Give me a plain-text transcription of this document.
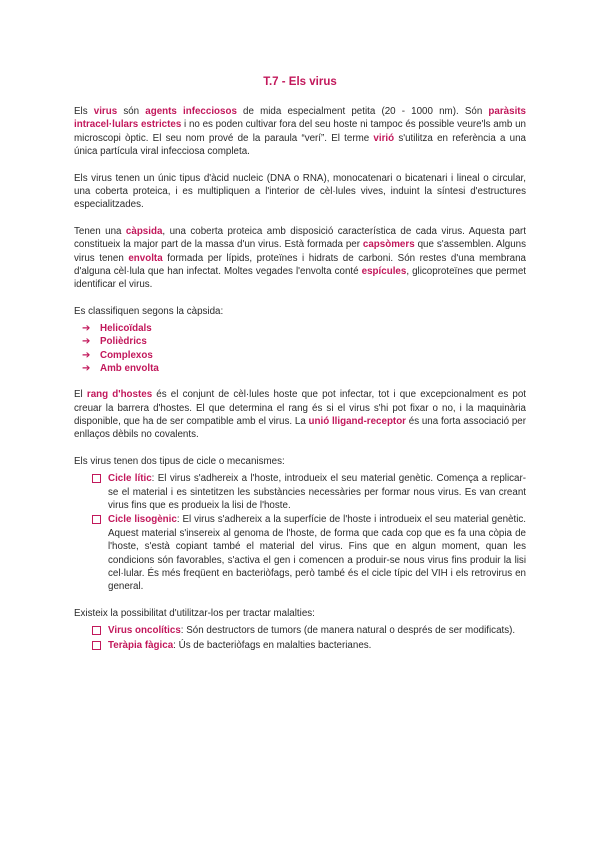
T.7 - Els virus

Els virus són agents infecciosos de mida especialment petita (20 - 1000 nm). Són paràsits intracel·lulars estrictes i no es poden cultivar fora del seu hoste ni tampoc és possible veure'ls amb un microscopi òptic. El seu nom prové de la paraula “verí”. El terme virió s'utilitza en referència a una única partícula viral infecciosa completa.

Els virus tenen un únic tipus d'àcid nucleic (DNA o RNA), monocatenari o bicatenari i lineal o circular, una coberta proteica, i es multipliquen a l'interior de cèl·lules vives, induint la síntesi d'estructures especialitzades.

Tenen una càpsida, una coberta proteica amb disposició característica de cada virus. Aquesta part constitueix la major part de la massa d'un virus. Està formada per capsòmers que s'assemblen. Alguns virus tenen envolta formada per lípids, proteïnes i hidrats de carboni. Són restes d'una membrana d'alguna cèl·lula que han infectat. Moltes vegades l'envolta conté espícules, glicoproteïnes que permet identificar el virus.

Es classifiquen segons la càpsida:

➔ Helicoïdals
➔ Polièdrics
➔ Complexos
➔ Amb envolta

El rang d'hostes és el conjunt de cèl·lules hoste que pot infectar, tot i que excepcionalment es pot creuar la barrera d'hostes. El que determina el rang és si el virus s'hi pot fixar o no, i la maquinària disponible, que ha de ser compatible amb el virus. La unió lligand-receptor és una forta associació per enllaços dèbils no covalents.

Els virus tenen dos tipus de cicle o mecanismes:

Cicle lític: El virus s'adhereix a l'hoste, introdueix el seu material genètic. Comença a replicar-se el material i es sintetitzen les substàncies necessàries per formar nous virus. Es van creant virus fins que es produeix la lisi de l'hoste.
Cicle lisogènic: El virus s'adhereix a la superfície de l'hoste i introdueix el seu material genètic. Aquest material s'insereix al genoma de l'hoste, de forma que cada cop que es fa una còpia de l'hoste, s'està copiant també el material del virus. Fins que en algun moment, quan les condicions són favorables, s'activa el gen i comencen a produir-se nous virus fins produir la lisi cel·lular. És més freqüent en bacteriòfags, però també és el cicle típic del VIH i els retrovirus en general.

Existeix la possibilitat d'utilitzar-los per tractar malalties:

Virus oncolítics: Són destructors de tumors (de manera natural o després de ser modificats).
Teràpia fàgica: Ús de bacteriòfags en malalties bacterianes.
